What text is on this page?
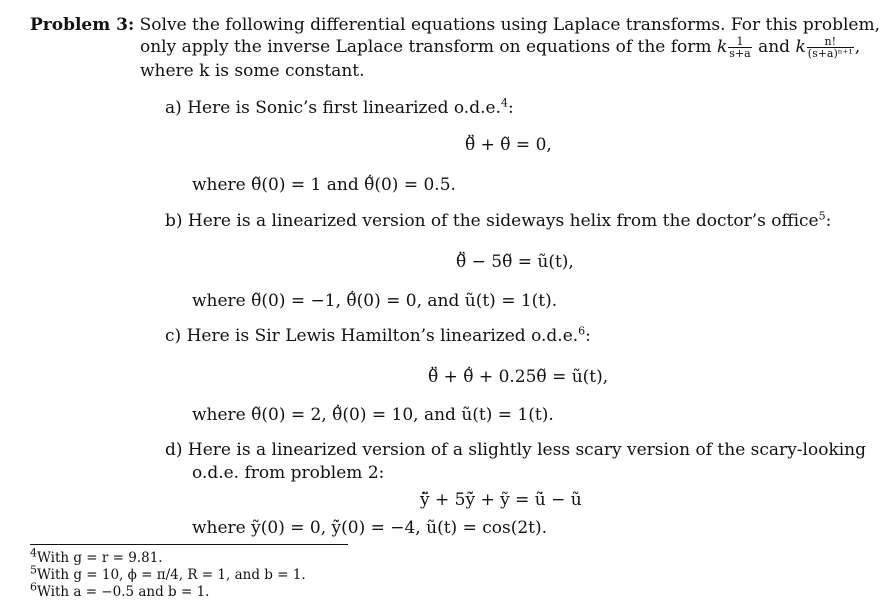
Problem 3: Solve the following differential equations using Laplace transforms. For this problem,
only apply the inverse Laplace transform on equations of the form k $\frac{1}{s+a}$ and k $\frac{n!}{\text{(s+a)ⁿ⁺¹}}$ ,
where k is some constant.
a) Here is Sonic’s first linearized o.d.e.$^4$:
θ̃̈ + θ̃ = 0,
where θ̃(0) = 1 and θ̃̇(0) = 0.5.
b) Here is a linearized version of the sideways helix from the doctor’s office$^5$:
θ̃̈ − 5θ̃ = ũ(t),
where θ̃(0) = −1, θ̃̇(0) = 0, and ũ(t) = 1(t).
c) Here is Sir Lewis Hamilton’s linearized o.d.e.$^6$:
θ̃̈ + θ̃̇ + 0.25θ̃ = ũ(t),
where θ̃(0) = 2, θ̃̇(0) = 10, and ũ(t) = 1(t).
d) Here is a linearized version of a slightly less scary version of the scary-looking
o.d.e. from problem 2:
ỹ̈ + 5ỹ̇ + ỹ = ũ̇ − ũ
where ỹ(0) = 0, ỹ̇(0) = −4, ũ(t) = cos(2t).
$^4$With g = r = 9.81.
$^5$With g = 10, ϕ = π/4, R = 1, and b = 1.
$^6$With a = −0.5 and b = 1.
